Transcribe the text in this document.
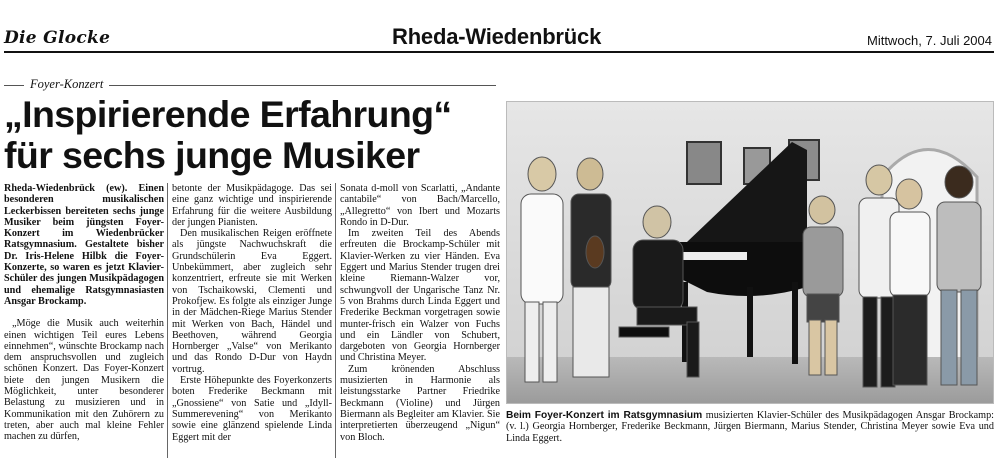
Die Glocke	Rheda-Wiedenbrück	Mittwoch, 7. Juli 2004
Foyer-Konzert
„Inspirierende Erfahrung“
für sechs junge Musiker

Rheda-Wiedenbrück (ew). Einen besonderen musikalischen Leckerbissen bereiteten sechs junge Musiker beim jüngsten Foyer-Konzert im Wiedenbrücker Ratsgymnasium. Gestaltete bisher Dr. Iris-Helene Hilbk die Foyer-Konzerte, so waren es jetzt Klavier-Schüler des jungen Musikpädagogen und ehemalige Ratsgymnasiasten Ansgar Brockamp.

„Möge die Musik auch weiterhin einen wichtigen Teil eures Lebens einnehmen“, wünschte Brockamp nach dem anspruchsvollen und zugleich schönen Konzert. Das Foyer-Konzert biete den jungen Musikern die Möglichkeit, unter besonderer Belastung zu musizieren und in Kommunikation mit den Zuhörern zu treten, aber auch mal kleine Fehler machen zu dürfen,

betonte der Musikpädagoge. Das sei eine ganz wichtige und inspirierende Erfahrung für die weitere Ausbildung der jungen Pianisten.

Den musikalischen Reigen eröffnete als jüngste Nachwuchskraft die Grundschülerin Eva Eggert. Unbekümmert, aber zugleich sehr konzentriert, erfreute sie mit Werken von Tschaikowski, Clementi und Prokofjew. Es folgte als einziger Junge in der Mädchen-Riege Marius Stender mit Werken von Bach, Händel und Beethoven, während Georgia Hornberger „Valse“ von Merikanto und das Rondo D-Dur von Haydn vortrug.

Erste Höhepunkte des Foyerkonzerts boten Frederike Beckmann mit „Gnossiene“ von Satie und „Idyll-Summerevening“ von Merikanto sowie eine glänzend spielende Linda Eggert mit der

Sonata d-moll von Scarlatti, „Andante cantabile“ von Bach/Marcello, „Allegretto“ von Ibert und Mozarts Rondo in D-Dur.

Im zweiten Teil des Abends erfreuten die Brockamp-Schüler mit Klavier-Werken zu vier Händen. Eva Eggert und Marius Stender trugen drei kleine Riemann-Walzer vor, schwungvoll der Ungarische Tanz Nr. 5 von Brahms durch Linda Eggert und Frederike Beckman vorgetragen sowie munter-frisch ein Walzer von Fuchs und ein Ländler von Schubert, dargeboten von Georgia Hornberger und Christina Meyer.

Zum krönenden Abschluss musizierten in Harmonie als leistungsstarke Partner Friedrike Beckmann (Violine) und Jürgen Biermann als Begleiter am Klavier. Sie interpretierten überzeugend „Nigun“ von Bloch.

Beim Foyer-Konzert im Ratsgymnasium musizierten Klavier-Schüler des Musikpädagogen Ansgar Brockamp: (v. l.) Georgia Hornberger, Frederike Beckmann, Jürgen Biermann, Marius Stender, Christina Meyer sowie Eva und Linda Eggert.
